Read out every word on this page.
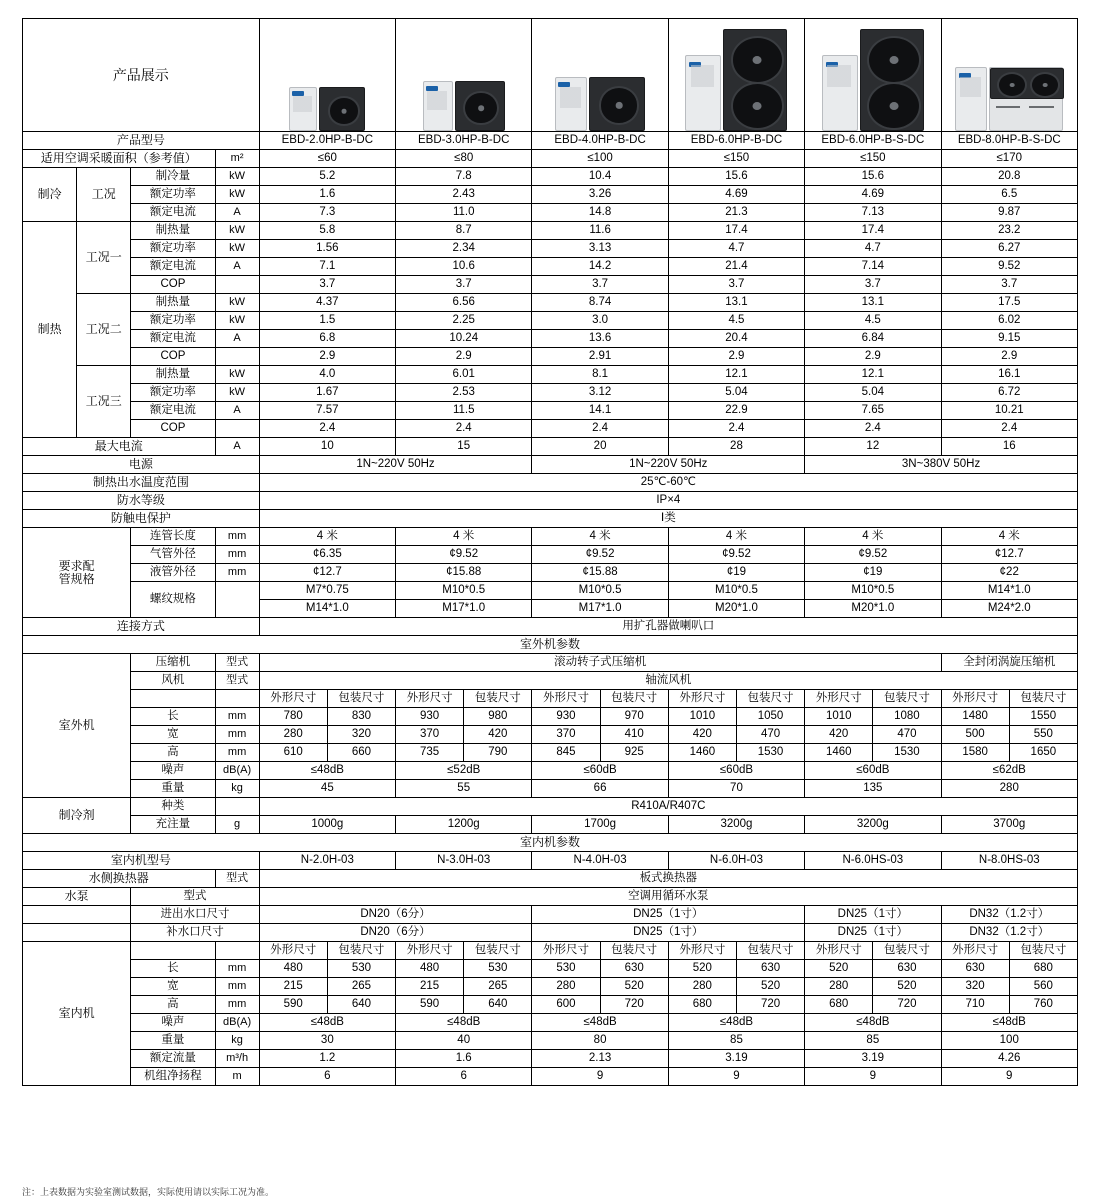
产品展示										

产品型号				EBD-2.0HP-B-DC		EBD-3.0HP-B-DC		EBD-4.0HP-B-DC		EBD-6.0HP-B-DC		EBD-6.0HP-B-S-DC		EBD-8.0HP-B-S-DC	
适用空调采暖面积（参考值）			m²	≤60		≤80		≤100		≤150		≤150		≤170	
制冷	工况	制冷量	kW	5.2		7.8		10.4		15.6		15.6		20.8	
		额定功率	kW	1.6		2.43		3.26		4.69		4.69		6.5	
		额定电流	A	7.3		11.0		14.8		21.3		7.13		9.87	
制热	工况一	制热量	kW	5.8		8.7		11.6		17.4		17.4		23.2	
		额定功率	kW	1.56		2.34		3.13		4.7		4.7		6.27	
		额定电流	A	7.1		10.6		14.2		21.4		7.14		9.52	
		COP		3.7		3.7		3.7		3.7		3.7		3.7	
	工况二	制热量	kW	4.37		6.56		8.74		13.1		13.1		17.5	
		额定功率	kW	1.5		2.25		3.0		4.5		4.5		6.02	
		额定电流	A	6.8		10.24		13.6		20.4		6.84		9.15	
		COP		2.9		2.9		2.91		2.9		2.9		2.9	
	工况三	制热量	kW	4.0		6.01		8.1		12.1		12.1		16.1	
		额定功率	kW	1.67		2.53		3.12		5.04		5.04		6.72	
		额定电流	A	7.57		11.5		14.1		22.9		7.65		10.21	
		COP		2.4		2.4		2.4		2.4		2.4		2.4	
最大电流			A	10		15		20		28		12		16	
电源				1N~220V 50Hz				1N~220V 50Hz				3N~380V 50Hz			
制热出水温度范围				25℃-60℃											
防水等级				IP×4											
防触电保护				Ⅰ类											
要求配
管规格		连管长度	mm	4 米		4 米		4 米		4 米		4 米		4 米	
		气管外径	mm	¢6.35		¢9.52		¢9.52		¢9.52		¢9.52		¢12.7	
		液管外径	mm	¢12.7		¢15.88		¢15.88		¢19		¢19		¢22	
		螺纹规格		M7*0.75		M10*0.5		M10*0.5		M10*0.5		M10*0.5		M14*1.0	
				M14*1.0		M17*1.0		M17*1.0		M20*1.0		M20*1.0		M24*2.0	
连接方式				用扩孔器做喇叭口											
室外机参数															
室外机		压缩机	型式	滚动转子式压缩机										全封闭涡旋压缩机	
		风机	型式	轴流风机											
				外形尺寸	包装尺寸	外形尺寸	包装尺寸	外形尺寸	包装尺寸	外形尺寸	包装尺寸	外形尺寸	包装尺寸	外形尺寸	包装尺寸
		长	mm	780	830	930	980	930	970	1010	1050	1010	1080	1480	1550
		宽	mm	280	320	370	420	370	410	420	470	420	470	500	550
		高	mm	610	660	735	790	845	925	1460	1530	1460	1530	1580	1650
		噪声	dB(A)	≤48dB		≤52dB		≤60dB		≤60dB		≤60dB		≤62dB	
		重量	kg	45		55		66		70		135		280	
制冷剂		种类		R410A/R407C											
		充注量	g	1000g		1200g		1700g		3200g		3200g		3700g	
室内机参数															
室内机型号				N-2.0H-03		N-3.0H-03		N-4.0H-03		N-6.0H-03		N-6.0HS-03		N-8.0HS-03	
水侧换热器			型式	板式换热器											
水泵		型式		空调用循环水泵											
		进出水口尺寸		DN20（6分）				DN25（1寸）				DN25（1寸）		DN32（1.2寸）	
		补水口尺寸		DN20（6分）				DN25（1寸）				DN25（1寸）		DN32（1.2寸）	
室内机				外形尺寸	包装尺寸	外形尺寸	包装尺寸	外形尺寸	包装尺寸	外形尺寸	包装尺寸	外形尺寸	包装尺寸	外形尺寸	包装尺寸
		长	mm	480	530	480	530	530	630	520	630	520	630	630	680
		宽	mm	215	265	215	265	280	520	280	520	280	520	320	560
		高	mm	590	640	590	640	600	720	680	720	680	720	710	760
		噪声	dB(A)	≤48dB		≤48dB		≤48dB		≤48dB		≤48dB		≤48dB	
		重量	kg	30		40		80		85		85		100	
		额定流量	m³/h	1.2		1.6		2.13		3.19		3.19		4.26	
		机组净扬程	m	6		6		9		9		9		9	
注：上表数据为实验室测试数据，实际使用请以实际工况为准。
